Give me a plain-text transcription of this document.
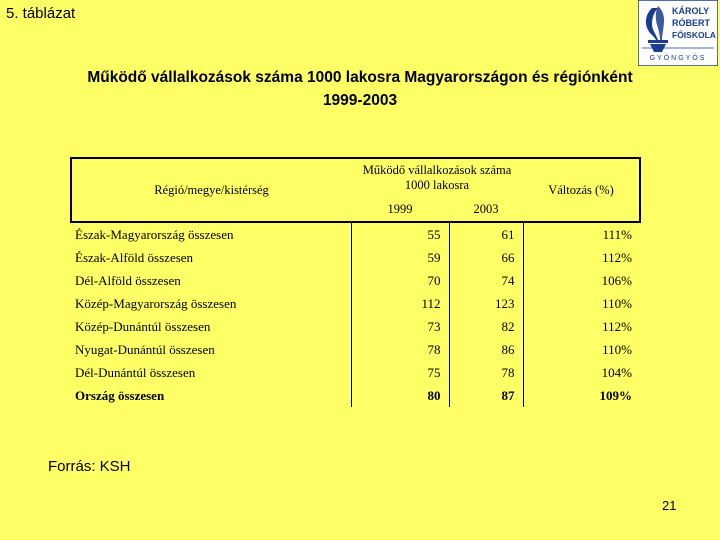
5. táblázat	KÁROLY
RÓBERT
FŐISKOLA
GYÖNGYÖS
Működő vállalkozások száma 1000 lakosra Magyarországon és régiónként
1999-2003
Régió/megye/kistérség	Működő vállalkozások száma 1000 lakosra		Változás (%)
	1999	2003	
Észak-Magyarország összesen	55	61	111%
Észak-Alföld összesen	59	66	112%
Dél-Alföld összesen	70	74	106%
Közép-Magyarország összesen	112	123	110%
Közép-Dunántúl összesen	73	82	112%
Nyugat-Dunántúl összesen	78	86	110%
Dél-Dunántúl összesen	75	78	104%
Ország összesen	80	87	109%
Forrás: KSH
21
